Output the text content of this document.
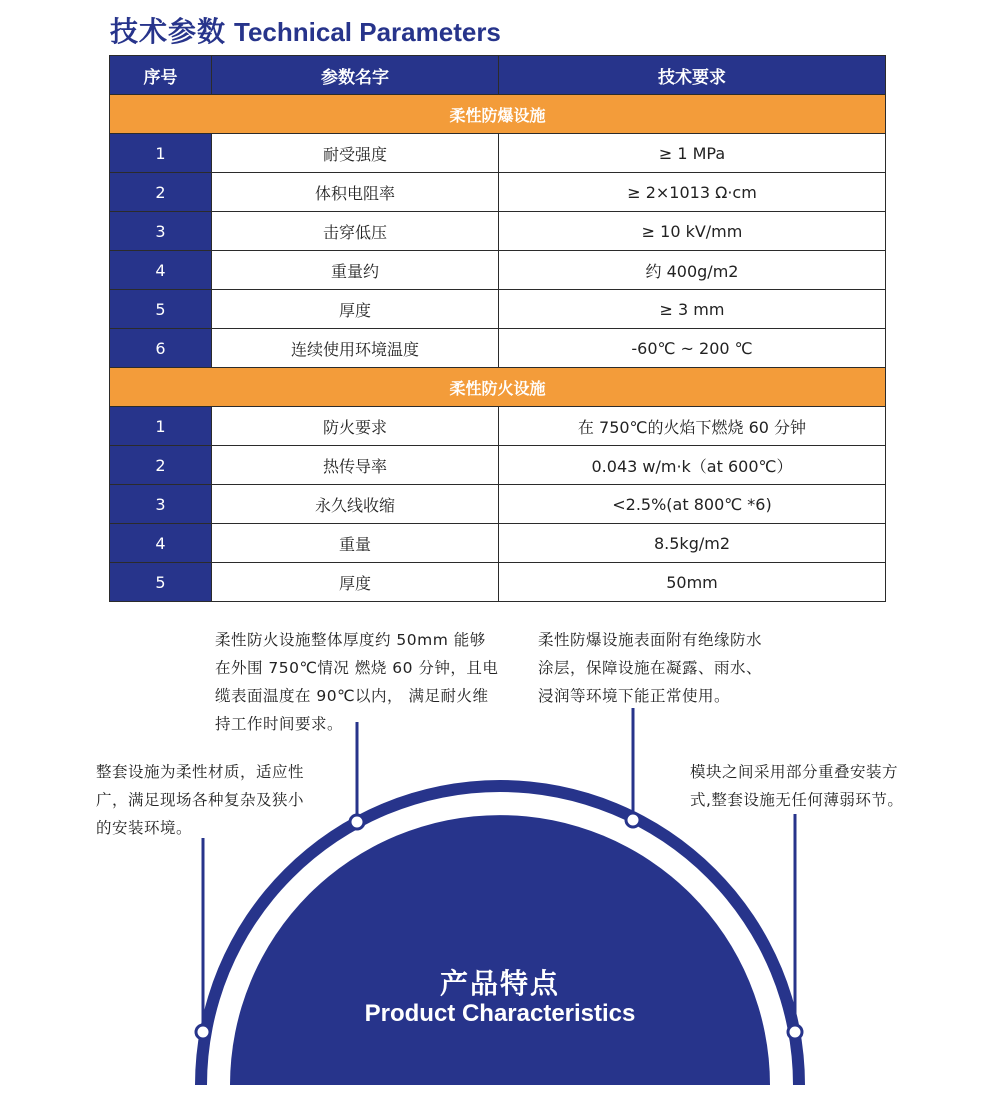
技术参数 Technical Parameters
序号	参数名字	技术要求
柔性防爆设施		
1	耐受强度	≥ 1 MPa
2	体积电阻率	≥ 2×1013 Ω·cm
3	击穿低压	≥ 10 kV/mm
4	重量约	约 400g/m2
5	厚度	≥ 3 mm
6	连续使用环境温度	-60℃ ~ 200 ℃
柔性防火设施		
1	防火要求	在 750℃的火焰下燃烧 60 分钟
2	热传导率	0.043 w/m·k（at 600℃）
3	永久线收缩	<2.5%(at 800℃ *6)
4	重量	8.5kg/m2
5	厚度	50mm
柔性防火设施整体厚度约 50mm 能够
在外围 750℃情况 燃烧 60 分钟，且电
缆表面温度在 90℃以内， 满足耐火维
持工作时间要求。
柔性防爆设施表面附有绝缘防水
涂层，保障设施在凝露、雨水、
浸润等环境下能正常使用。
整套设施为柔性材质，适应性
广，满足现场各种复杂及狭小
的安装环境。
模块之间采用部分重叠安装方
式,整套设施无任何薄弱环节。
产品特点
Product Characteristics
